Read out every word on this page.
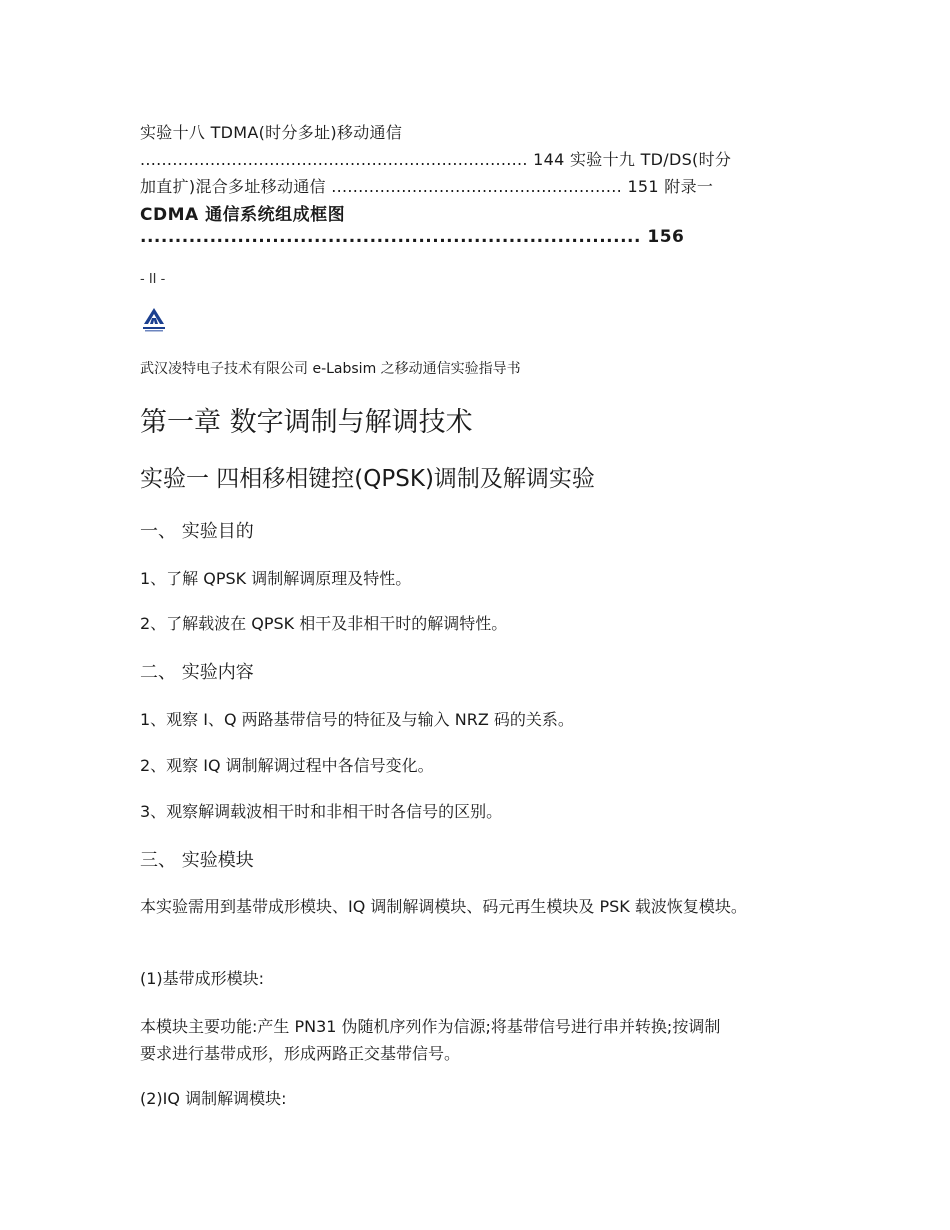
实验十八 TDMA(时分多址)移动通信
........................................................................ 144 实验十九 TD/DS(时分
加直扩)混合多址移动通信 ...................................................... 151 附录一
CDMA 通信系统组成框图
........................................................................ 156
- II -
武汉凌特电子技术有限公司 e-Labsim 之移动通信实验指导书
第一章 数字调制与解调技术
实验一 四相移相键控(QPSK)调制及解调实验
一、 实验目的
1、了解 QPSK 调制解调原理及特性。
2、了解载波在 QPSK 相干及非相干时的解调特性。
二、 实验内容
1、观察 I、Q 两路基带信号的特征及与输入 NRZ 码的关系。
2、观察 IQ 调制解调过程中各信号变化。
3、观察解调载波相干时和非相干时各信号的区别。
三、 实验模块
本实验需用到基带成形模块、IQ 调制解调模块、码元再生模块及 PSK 载波恢复模块。
(1)基带成形模块:
本模块主要功能:产生 PN31 伪随机序列作为信源;将基带信号进行串并转换;按调制
要求进行基带成形，形成两路正交基带信号。
(2)IQ 调制解调模块:
